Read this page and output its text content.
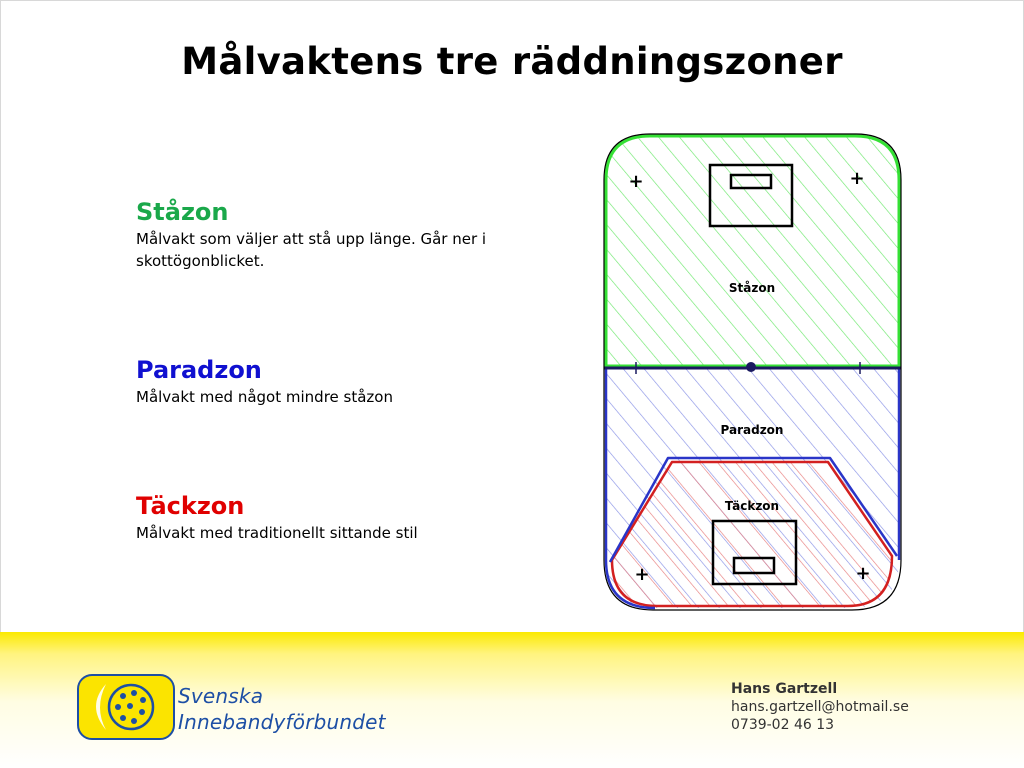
Målvaktens tre räddningszoner
Ståzon
Målvakt som väljer att stå upp länge. Går ner i skottögonblicket.
Paradzon
Målvakt med något mindre ståzon
Täckzon
Målvakt med traditionellt sittande stil
+	+
+	+
Ståzon
Paradzon
Täckzon
Svenska
Innebandyförbundet
Hans Gartzell
hans.gartzell@hotmail.se
0739-02 46 13
